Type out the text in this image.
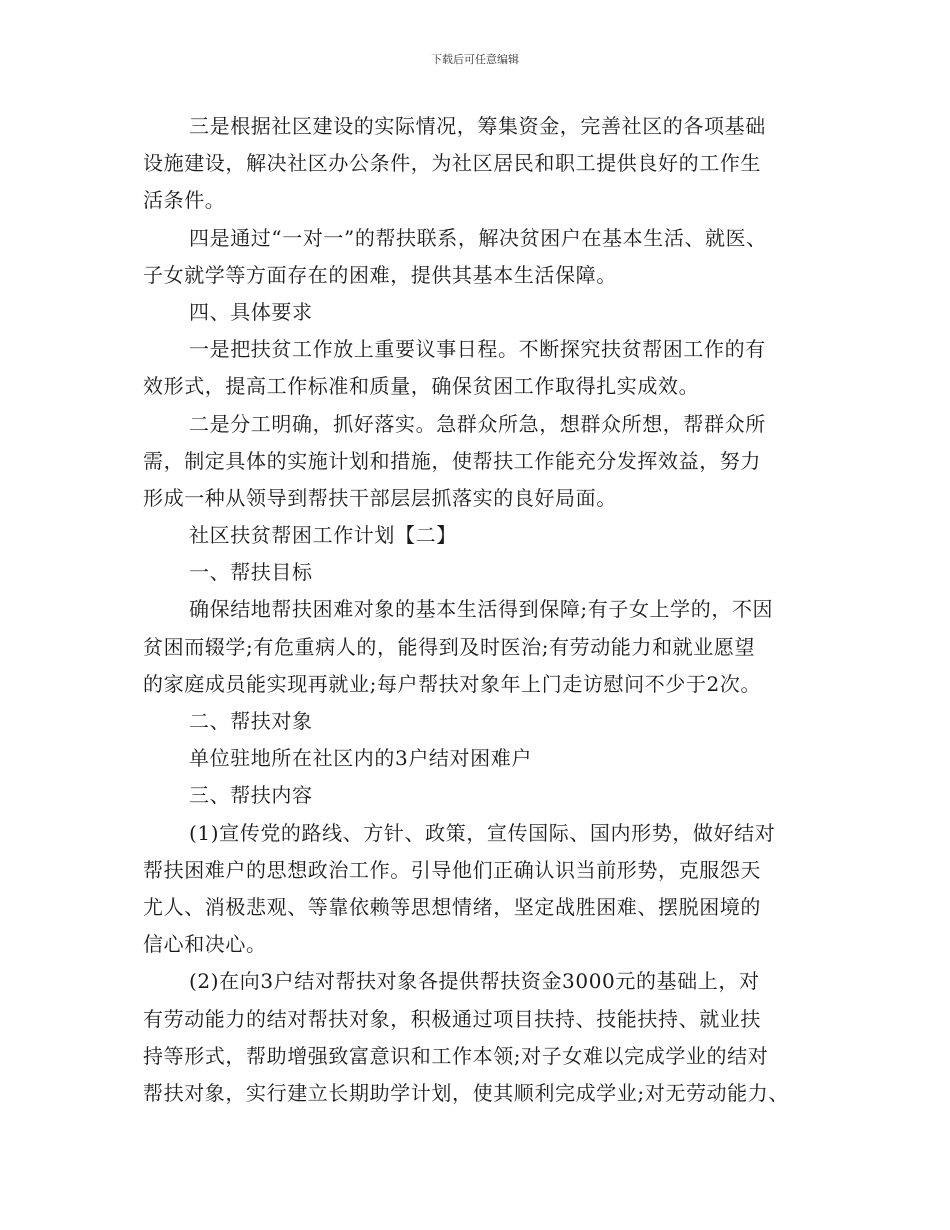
下载后可任意编辑
三是根据社区建设的实际情况，筹集资金，完善社区的各项基础
设施建设，解决社区办公条件，为社区居民和职工提供良好的工作生
活条件。
四是通过“一对一”的帮扶联系，解决贫困户在基本生活、就医、
子女就学等方面存在的困难，提供其基本生活保障。
四、具体要求
一是把扶贫工作放上重要议事日程。不断探究扶贫帮困工作的有
效形式，提高工作标准和质量，确保贫困工作取得扎实成效。
二是分工明确，抓好落实。急群众所急，想群众所想，帮群众所
需，制定具体的实施计划和措施，使帮扶工作能充分发挥效益，努力
形成一种从领导到帮扶干部层层抓落实的良好局面。
社区扶贫帮困工作计划【二】
一、帮扶目标
确保结地帮扶困难对象的基本生活得到保障;有子女上学的，不因
贫困而辍学;有危重病人的，能得到及时医治;有劳动能力和就业愿望
的家庭成员能实现再就业;每户帮扶对象年上门走访慰问不少于2次。
二、帮扶对象
单位驻地所在社区内的3户结对困难户
三、帮扶内容
(1)宣传党的路线、方针、政策，宣传国际、国内形势，做好结对
帮扶困难户的思想政治工作。引导他们正确认识当前形势，克服怨天
尤人、消极悲观、等靠依赖等思想情绪，坚定战胜困难、摆脱困境的
信心和决心。
(2)在向3户结对帮扶对象各提供帮扶资金3000元的基础上，对
有劳动能力的结对帮扶对象，积极通过项目扶持、技能扶持、就业扶
持等形式，帮助增强致富意识和工作本领;对子女难以完成学业的结对
帮扶对象，实行建立长期助学计划，使其顺利完成学业;对无劳动能力、
